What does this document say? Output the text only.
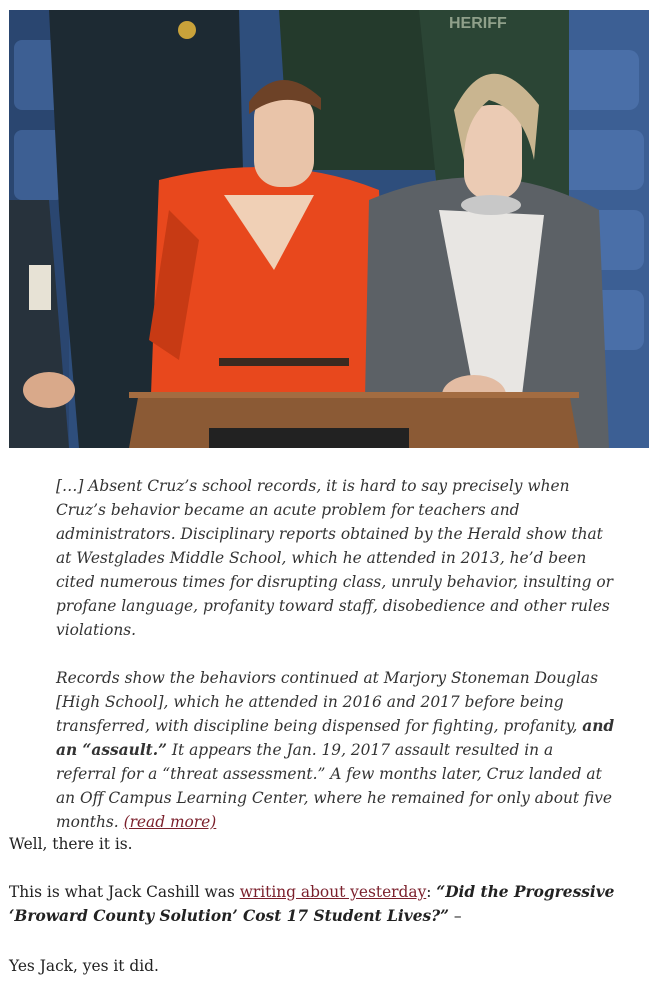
HERIFF

[…] Absent Cruz’s school records, it is hard to say precisely when Cruz’s behavior became an acute problem for teachers and administrators. Disciplinary reports obtained by the Herald show that at Westglades Middle School, which he attended in 2013, he’d been cited numerous times for disrupting class, unruly behavior, insulting or profane language, profanity toward staff, disobedience and other rules violations.

Records show the behaviors continued at Marjory Stoneman Douglas [High School], which he attended in 2016 and 2017 before being transferred, with discipline being dispensed for fighting, profanity, and an “assault.” It appears the Jan. 19, 2017 assault resulted in a referral for a “threat assessment.” A few months later, Cruz landed at an Off Campus Learning Center, where he remained for only about five months. (read more)

Well, there it is.

This is what Jack Cashill was writing about yesterday: “Did the Progressive ‘Broward County Solution’ Cost 17 Student Lives?” –

Yes Jack, yes it did.
